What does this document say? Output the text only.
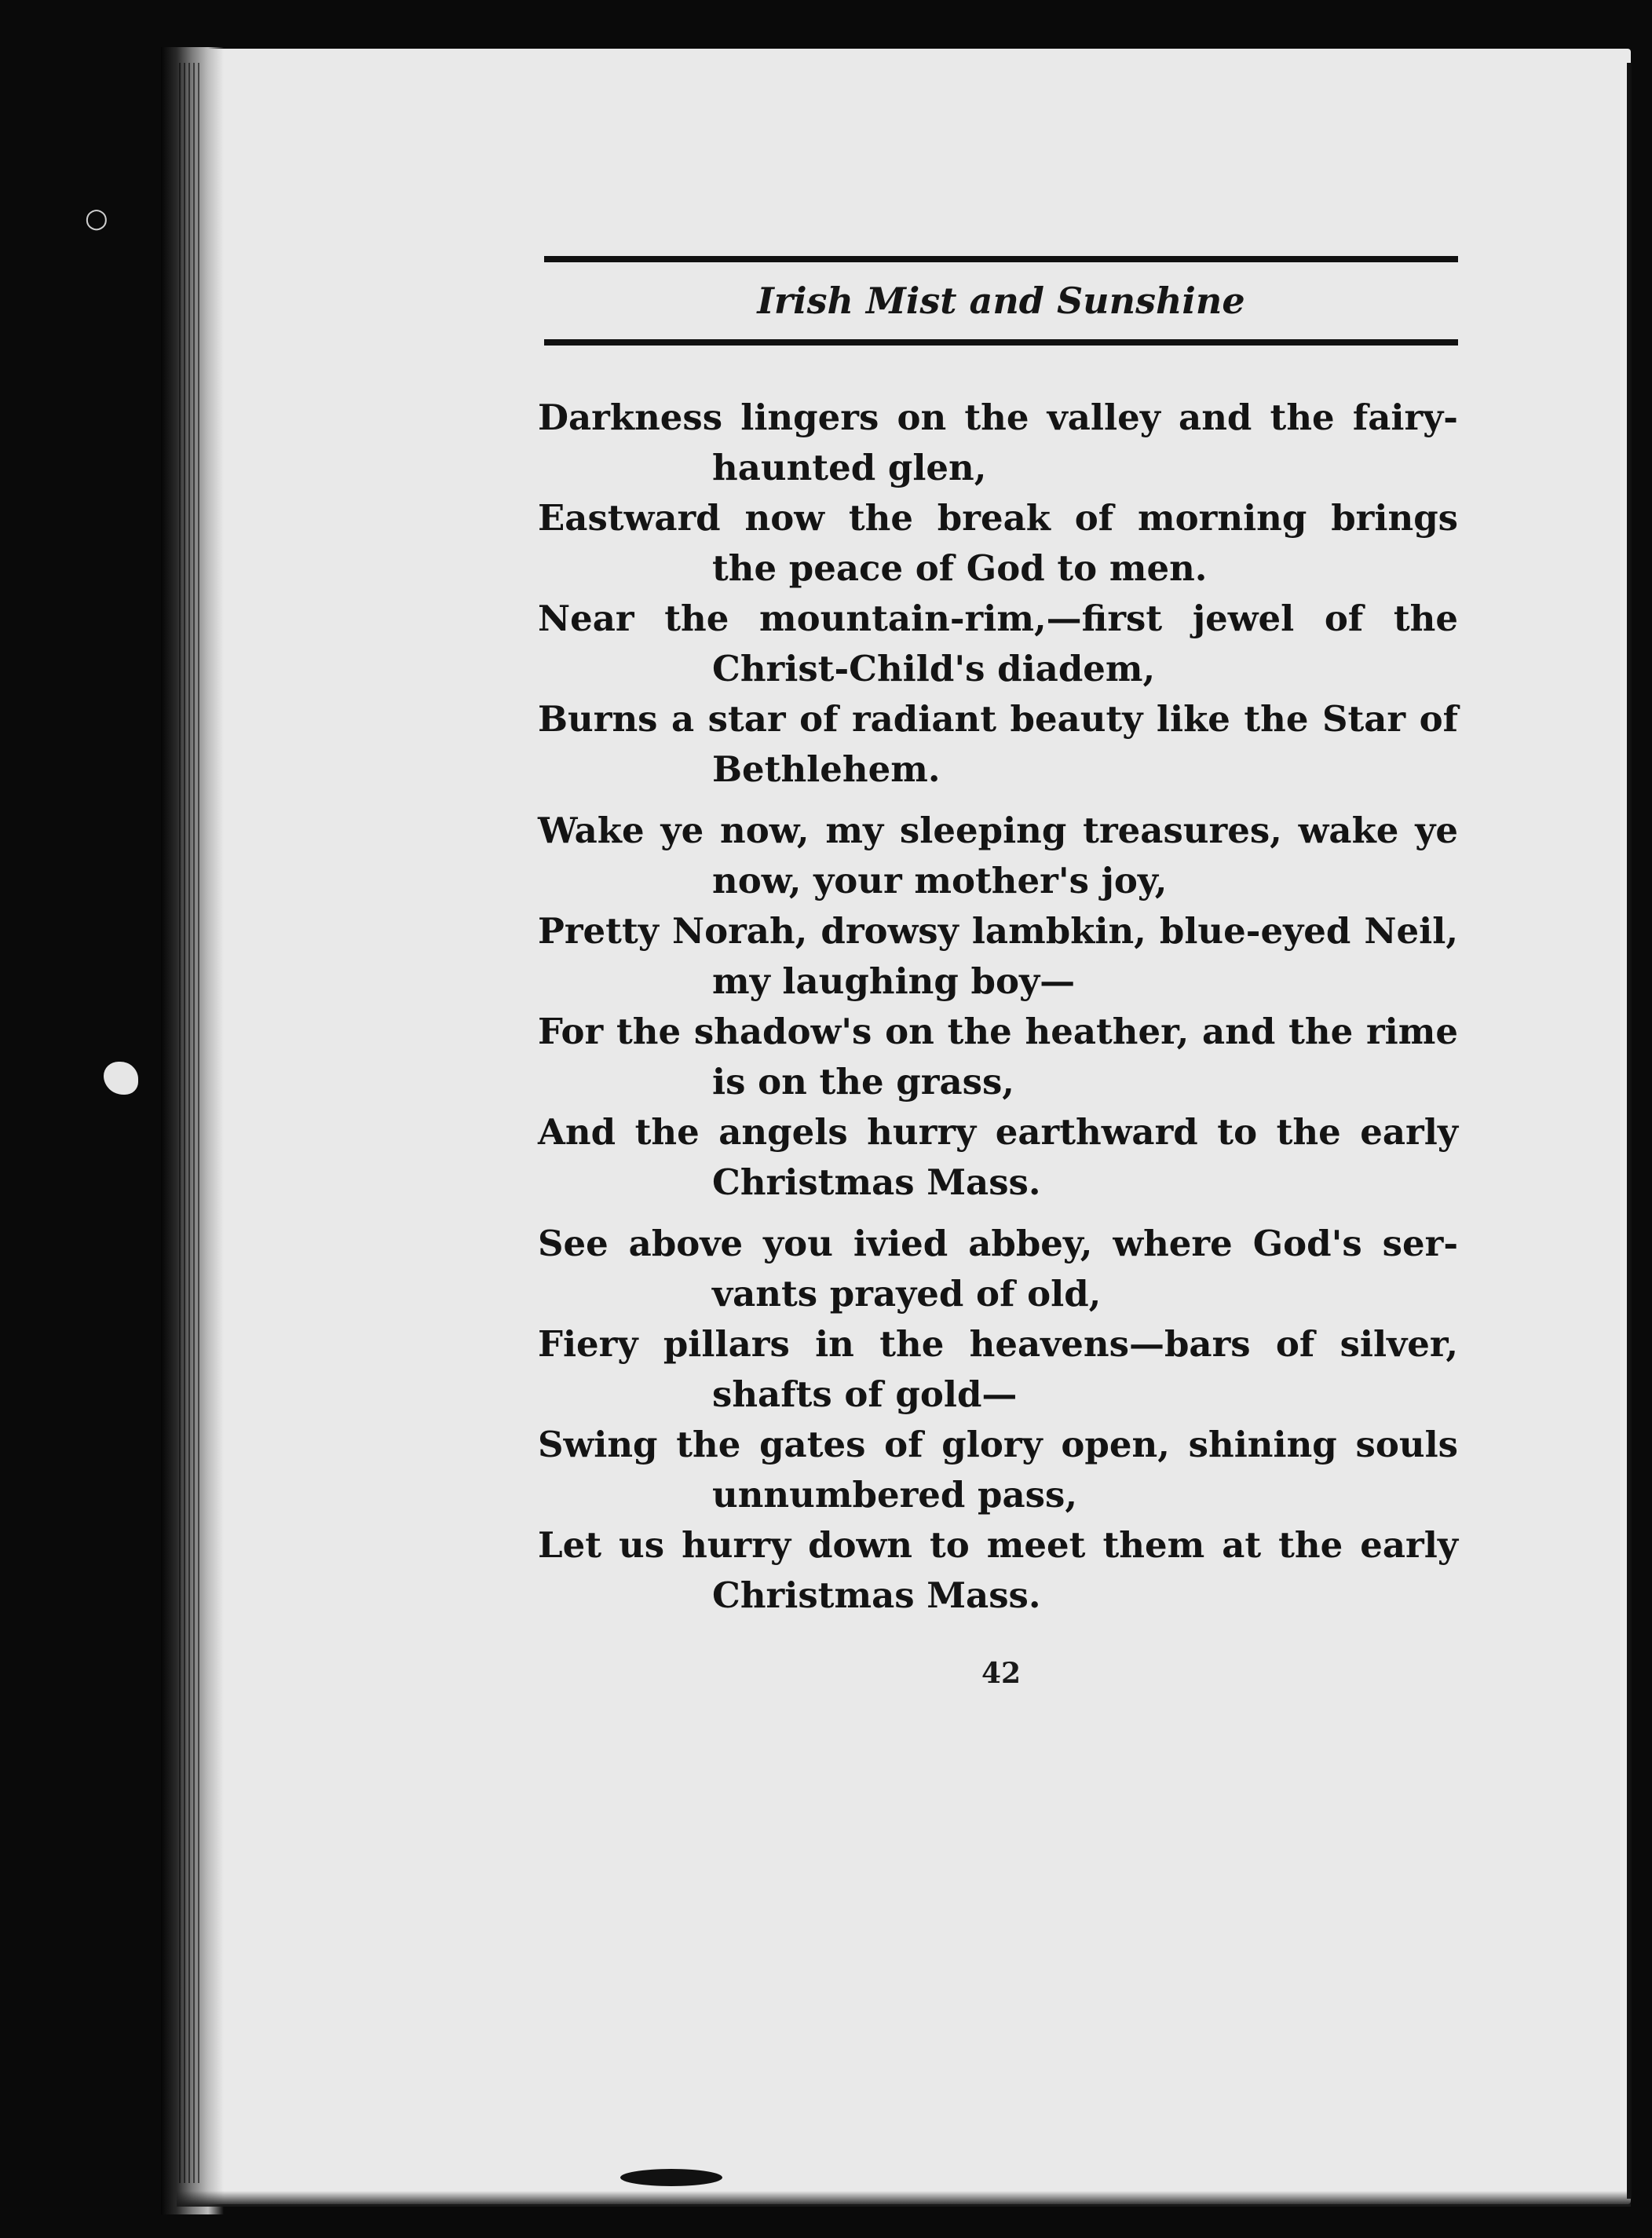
○
Irish Mist and Sunshine
Darkness lingers on the valley and the fairy-
haunted glen,
Eastward now the break of morning brings
the peace of God to men.
Near the mountain-rim,—first jewel of the
Christ-Child's diadem,
Burns a star of radiant beauty like the Star of
Bethlehem.
Wake ye now, my sleeping treasures, wake ye
now, your mother's joy,
Pretty Norah, drowsy lambkin, blue-eyed Neil,
my laughing boy—
For the shadow's on the heather, and the rime
is on the grass,
And the angels hurry earthward to the early
Christmas Mass.
See above you ivied abbey, where God's ser-
vants prayed of old,
Fiery pillars in the heavens—bars of silver,
shafts of gold—
Swing the gates of glory open, shining souls
unnumbered pass,
Let us hurry down to meet them at the early
Christmas Mass.
42
